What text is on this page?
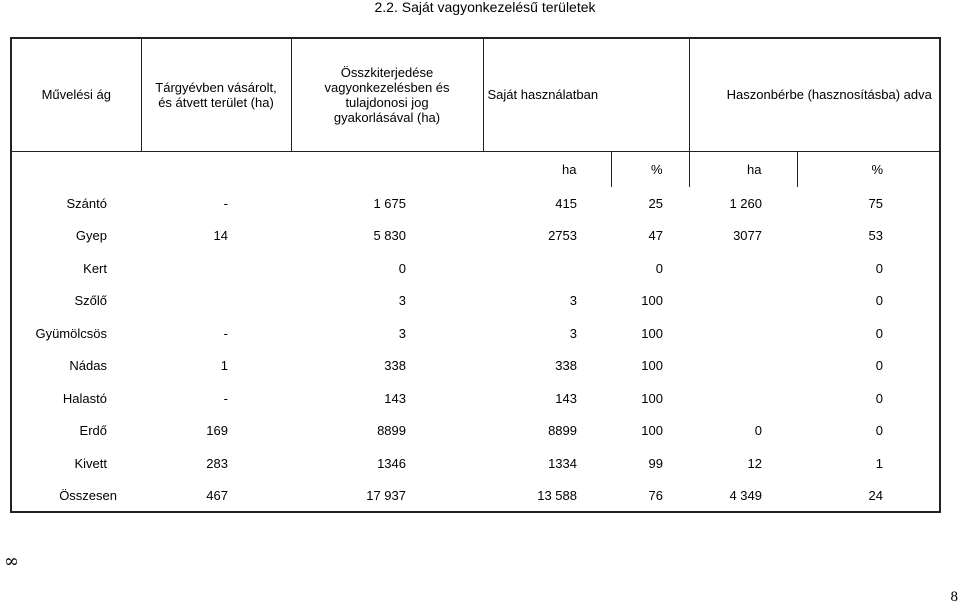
2.2. Saját vagyonkezelésű területek
Művelési ág	Tárgyévben vásárolt, és átvett terület (ha)	Összkiterjedése vagyonkezelésben és tulajdonosi jog gyakorlásával (ha)	Saját használatban		Haszonbérbe (hasznosításba) adva	
			ha	%	ha	%
Szántó	-	1 675	415	25	1 260	75
Gyep	14	5 830	2753	47	3077	53
Kert		0		0		0
Szőlő		3	3	100		0
Gyümölcsös	-	3	3	100		0
Nádas	1	338	338	100		0
Halastó	-	143	143	100		0
Erdő	169	8899	8899	100	0	0
Kivett	283	1346	1334	99	12	1
Összesen	467	17 937	13 588	76	4 349	24
∞
8
